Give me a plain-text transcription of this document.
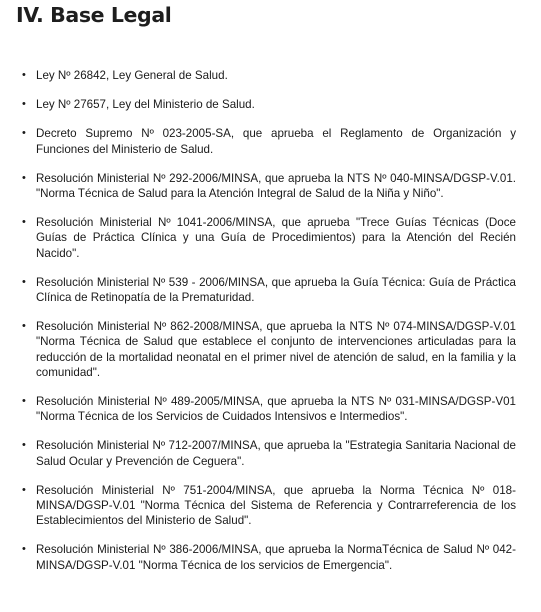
IV. Base Legal
• Ley Nº 26842, Ley General de Salud.
• Ley Nº 27657, Ley del Ministerio de Salud.
• Decreto Supremo Nº 023-2005-SA, que aprueba el Reglamento de Organización y Funciones del Ministerio de Salud.
• Resolución Ministerial Nº 292-2006/MINSA, que aprueba la NTS Nº 040-MINSA/DGSP-V.01. "Norma Técnica de Salud para la Atención Integral de Salud de la Niña y Niño".
• Resolución Ministerial Nº 1041-2006/MINSA, que aprueba "Trece Guías Técnicas (Doce Guías de Práctica Clínica y una Guía de Procedimientos) para la Atención del Recién Nacido".
• Resolución Ministerial Nº 539 - 2006/MINSA, que aprueba la Guía Técnica: Guía de Práctica Clínica de Retinopatía de la Prematuridad.
• Resolución Ministerial Nº 862-2008/MINSA, que aprueba la NTS Nº 074-MINSA/DGSP-V.01 "Norma Técnica de Salud que establece el conjunto de intervenciones articuladas para la reducción de la mortalidad neonatal en el primer nivel de atención de salud, en la familia y la comunidad".
• Resolución Ministerial Nº 489-2005/MINSA, que aprueba la NTS Nº 031-MINSA/DGSP-V01 "Norma Técnica de los Servicios de Cuidados Intensivos e Intermedios".
• Resolución Ministerial Nº 712-2007/MINSA, que aprueba la "Estrategia Sanitaria Nacional de Salud Ocular y Prevención de Ceguera".
• Resolución Ministerial Nº 751-2004/MINSA, que aprueba la Norma Técnica Nº 018-MINSA/DGSP-V.01 "Norma Técnica del Sistema de Referencia y Contrarreferencia de los Establecimientos del Ministerio de Salud".
• Resolución Ministerial Nº 386-2006/MINSA, que aprueba la NormaTécnica de Salud Nº 042-MINSA/DGSP-V.01 "Norma Técnica de los servicios de Emergencia".
